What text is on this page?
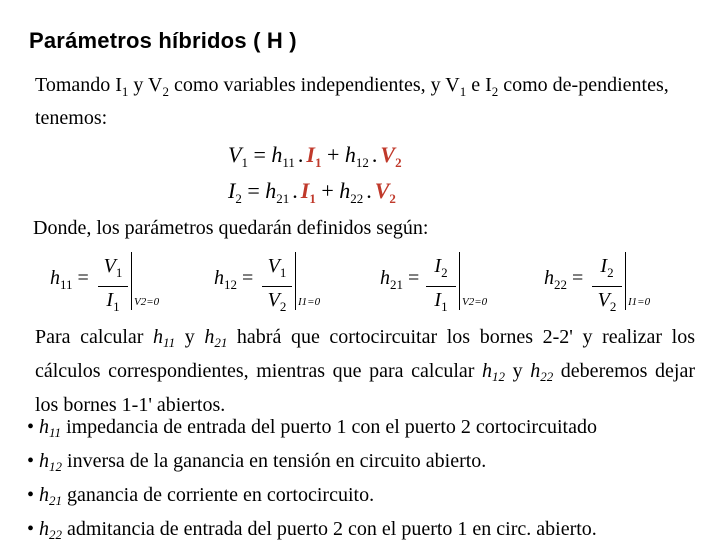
Parámetros híbridos ( H )
Tomando $I_1$ y $V_2$ como variables independientes, y $V_1$ e $I_2$ como de-pendientes, tenemos:
$V_1 = h_{11}$ . $I_1 + h_{12}$ . $V_2$
$I_2 = h_{21}$ . $I_1 + h_{22}$ . $V_2$
Donde, los parámetros quedarán definidos según:
$h_{11}$ =
$V_1$
$I_1$	V2=0
$h_{12}$ =
$V_1$
$V_2$	I1=0
$h_{21}$ =
$I_2$
$I_1$	V2=0
$h_{22}$ =
$I_2$
$V_2$	I1=0
Para calcular $h_{11}$ y $h_{21}$ habrá que cortocircuitar los bornes 2-2' y realizar los cálculos correspondientes, mientras que para calcular $h_{12}$ y $h_{22}$ deberemos dejar los bornes 1-1' abiertos.
• $h_{11}$ impedancia de entrada del puerto 1 con el puerto 2 cortocircuitado
• $h_{12}$ inversa de la ganancia en tensión en circuito abierto.
• $h_{21}$ ganancia de corriente en cortocircuito.
• $h_{22}$ admitancia de entrada del puerto 2 con el puerto 1 en circ. abierto.
